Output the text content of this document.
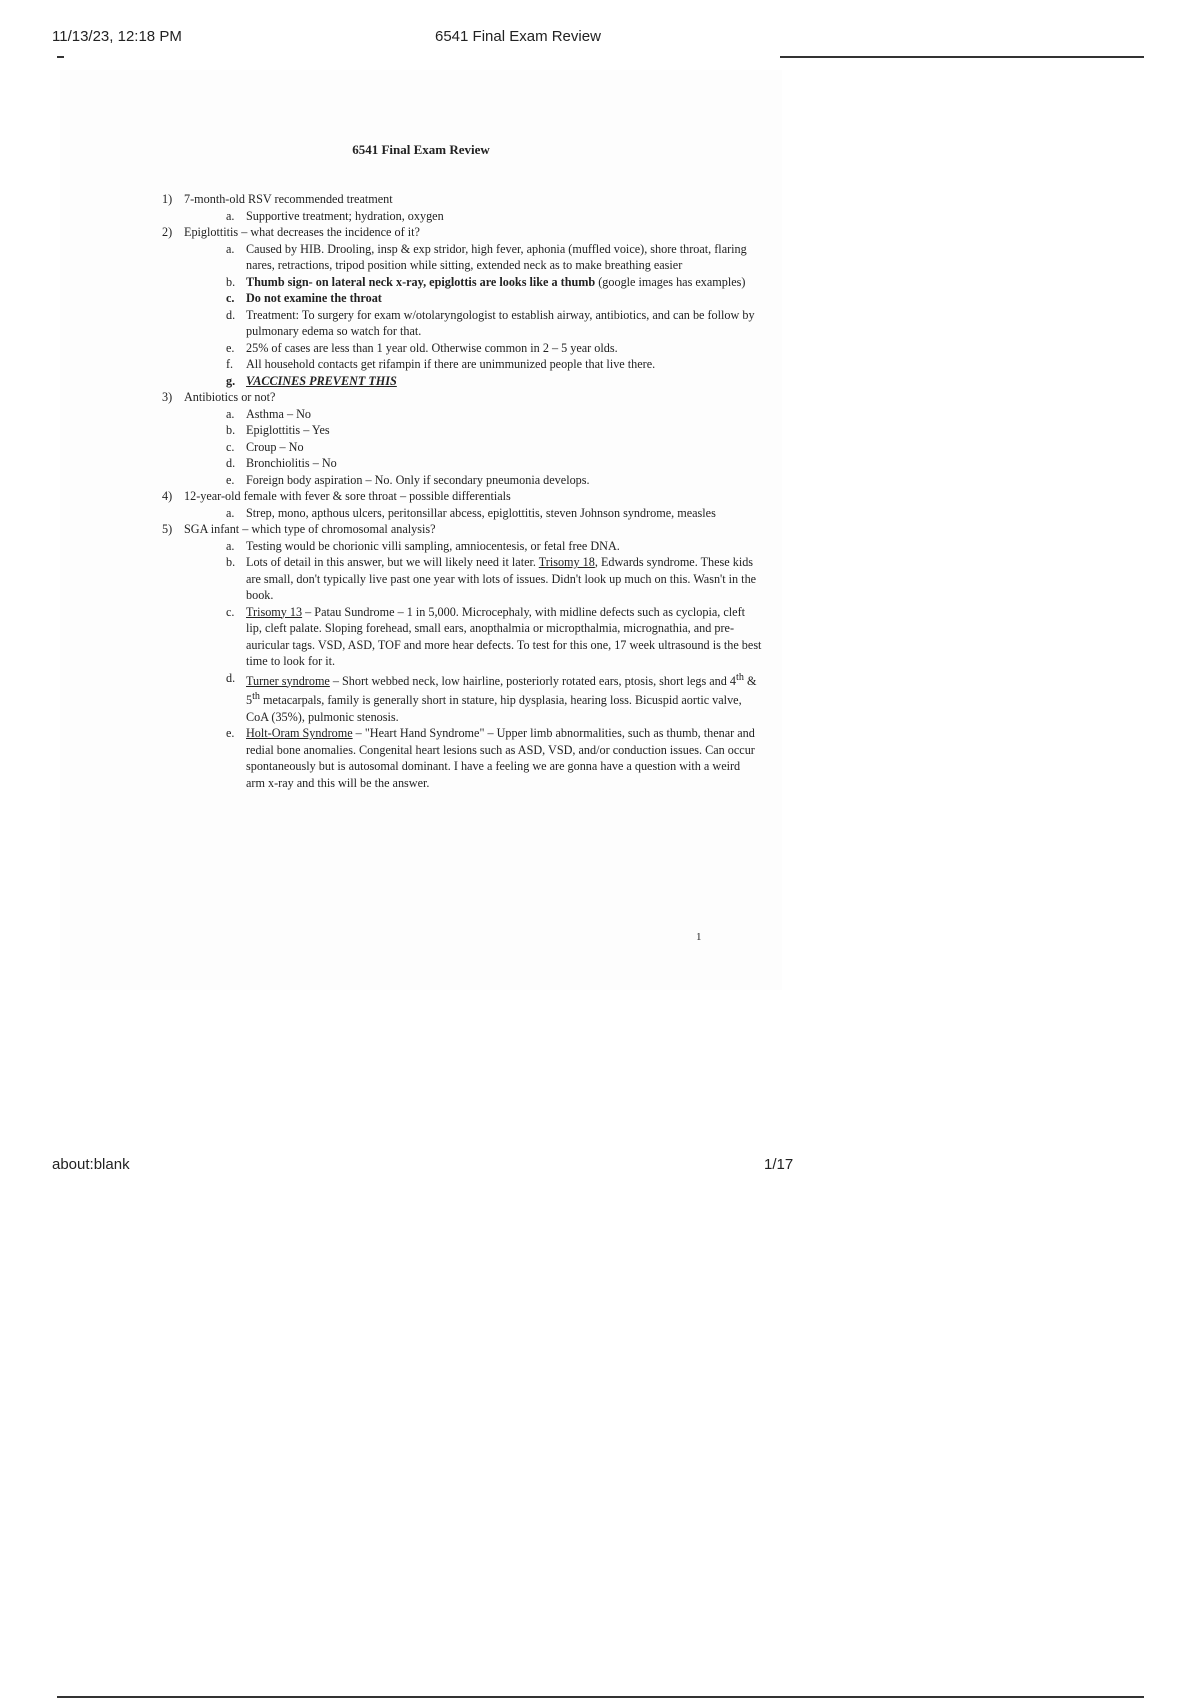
11/13/23, 12:18 PM	6541 Final Exam Review
6541 Final Exam Review
1) 7-month-old RSV recommended treatment
a. Supportive treatment; hydration, oxygen
2) Epiglottitis – what decreases the incidence of it?
a. Caused by HIB. Drooling, insp & exp stridor, high fever, aphonia (muffled voice), shore throat, flaring nares, retractions, tripod position while sitting, extended neck as to make breathing easier
b. Thumb sign- on lateral neck x-ray, epiglottis are looks like a thumb (google images has examples)
c. Do not examine the throat
d. Treatment: To surgery for exam w/otolaryngologist to establish airway, antibiotics, and can be follow by pulmonary edema so watch for that.
e. 25% of cases are less than 1 year old. Otherwise common in 2 – 5 year olds.
f. All household contacts get rifampin if there are unimmunized people that live there.
g. VACCINES PREVENT THIS
3) Antibiotics or not?
a. Asthma – No
b. Epiglottitis – Yes
c. Croup – No
d. Bronchiolitis – No
e. Foreign body aspiration – No. Only if secondary pneumonia develops.
4) 12-year-old female with fever & sore throat – possible differentials
a. Strep, mono, apthous ulcers, peritonsillar abcess, epiglottitis, steven Johnson syndrome, measles
5) SGA infant – which type of chromosomal analysis?
a. Testing would be chorionic villi sampling, amniocentesis, or fetal free DNA.
b. Lots of detail in this answer, but we will likely need it later. Trisomy 18, Edwards syndrome. These kids are small, don't typically live past one year with lots of issues. Didn't look up much on this. Wasn't in the book.
c. Trisomy 13 – Patau Sundrome – 1 in 5,000. Microcephaly, with midline defects such as cyclopia, cleft lip, cleft palate. Sloping forehead, small ears, anopthalmia or micropthalmia, micrognathia, and pre-auricular tags. VSD, ASD, TOF and more hear defects. To test for this one, 17 week ultrasound is the best time to look for it.
d. Turner syndrome – Short webbed neck, low hairline, posteriorly rotated ears, ptosis, short legs and 4th & 5th metacarpals, family is generally short in stature, hip dysplasia, hearing loss. Bicuspid aortic valve, CoA (35%), pulmonic stenosis.
e. Holt-Oram Syndrome – "Heart Hand Syndrome" – Upper limb abnormalities, such as thumb, thenar and redial bone anomalies. Congenital heart lesions such as ASD, VSD, and/or conduction issues. Can occur spontaneously but is autosomal dominant. I have a feeling we are gonna have a question with a weird arm x-ray and this will be the answer.
1
about:blank	1/17
